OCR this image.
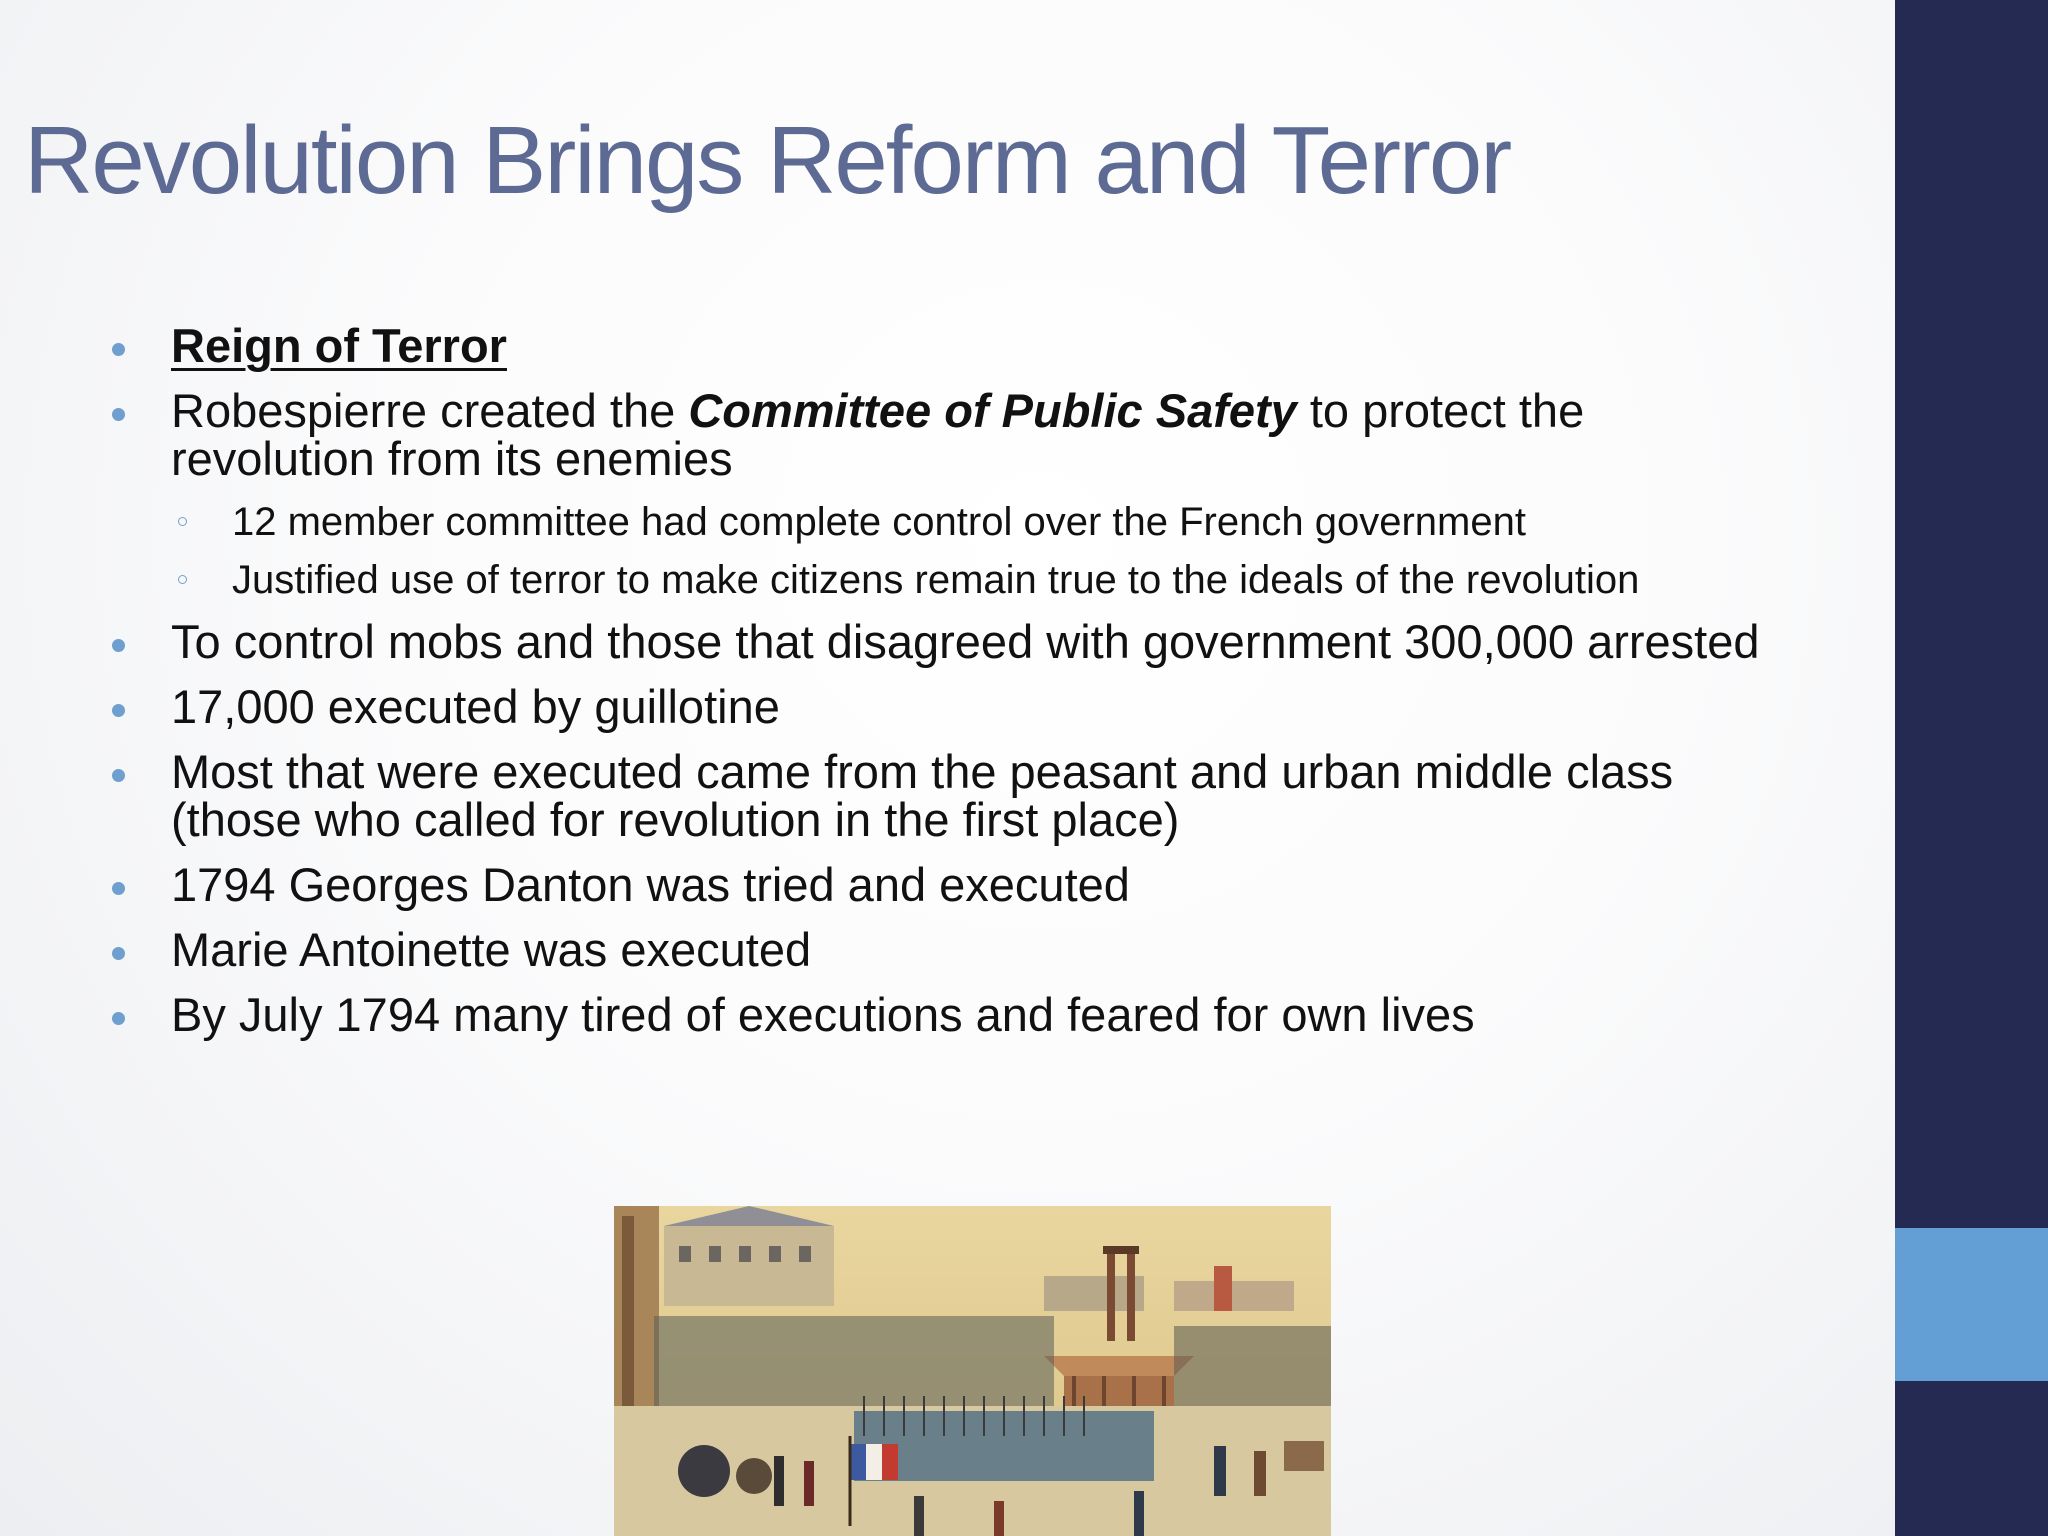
Revolution Brings Reform and Terror
Reign of Terror
Robespierre created the Committee of Public Safety to protect the revolution from its enemies
12 member committee had complete control over the French government
Justified use of terror to make citizens remain true to the ideals of the revolution
To control mobs and those that disagreed with government 300,000 arrested
17,000 executed by guillotine
Most that were executed came from the peasant and urban middle class (those who called for revolution in the first place)
1794 Georges Danton was tried and executed
Marie Antoinette was executed
By July 1794 many tired of executions and feared for own lives
